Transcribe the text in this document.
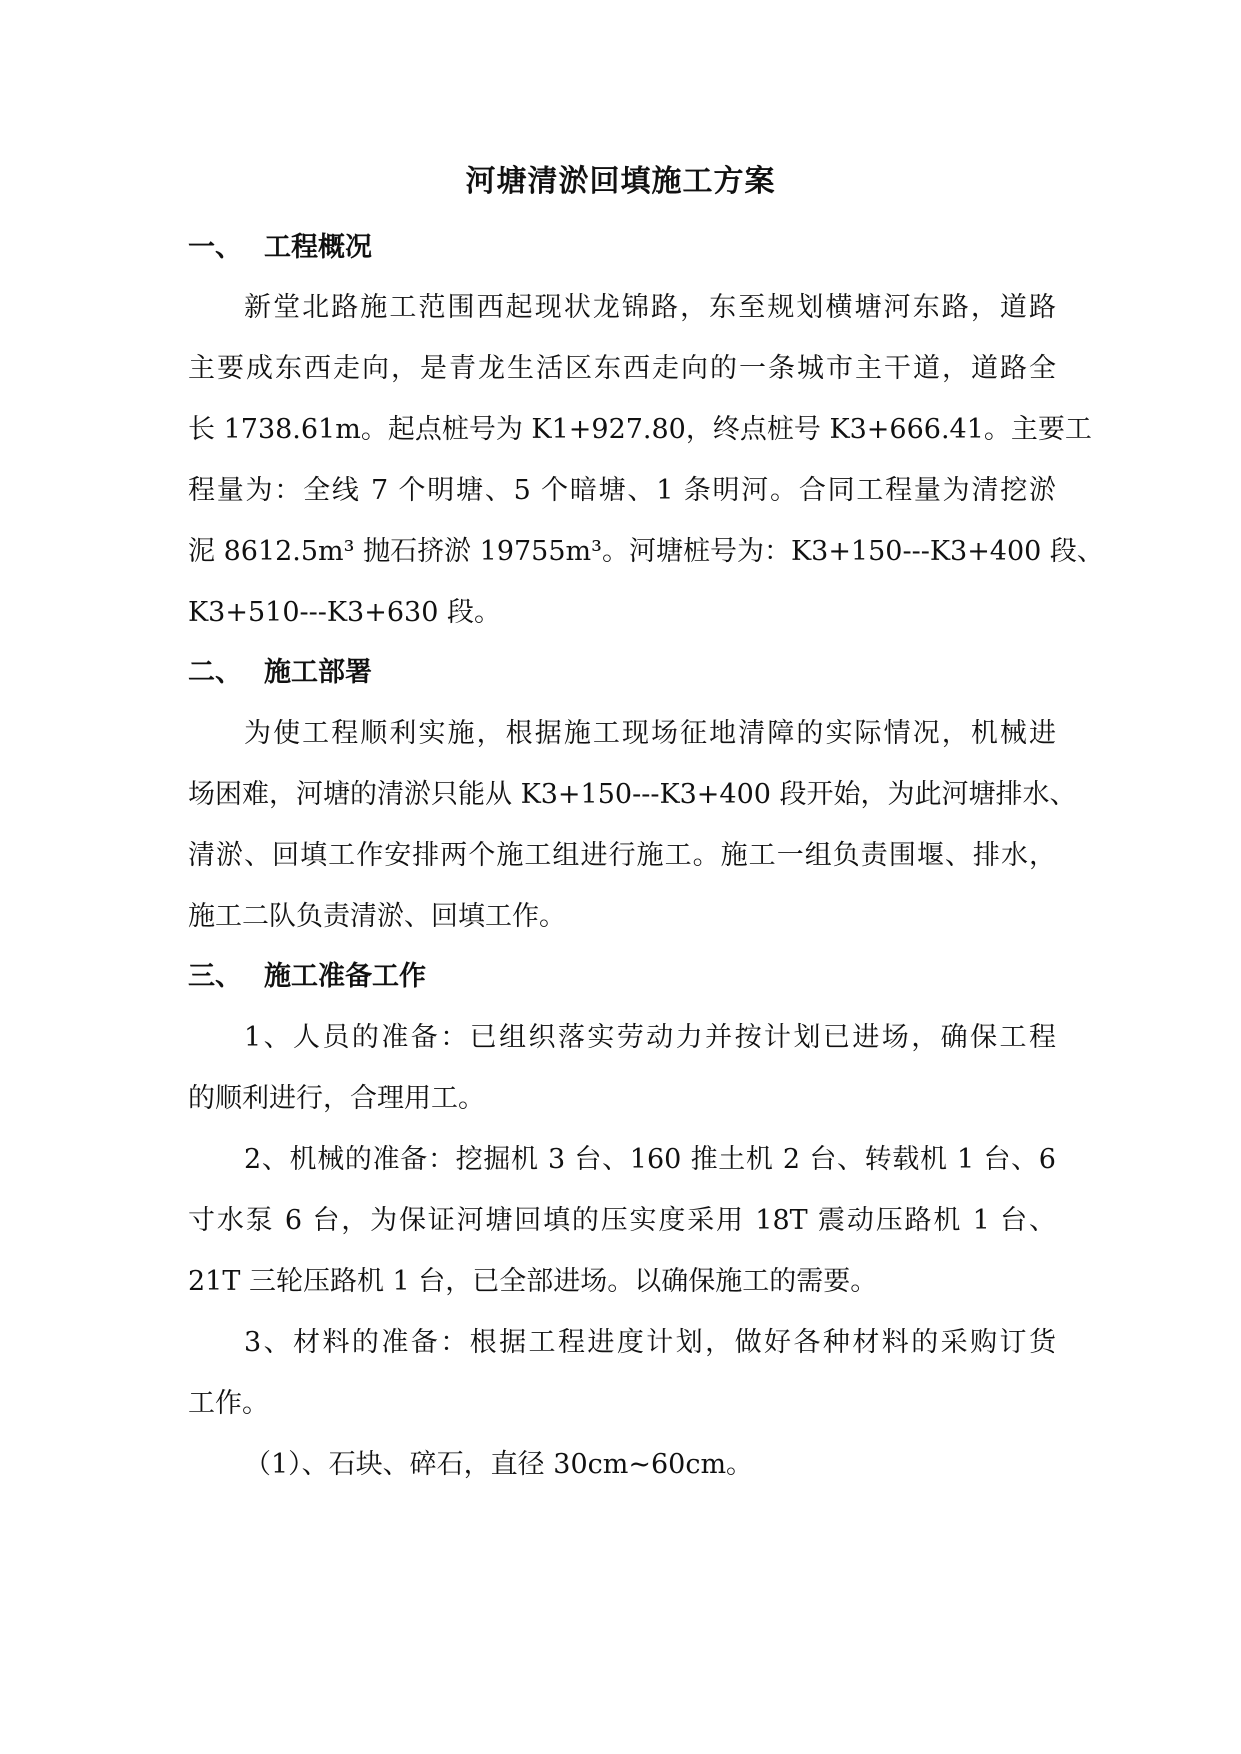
河塘清淤回填施工方案
一、 工程概况
新堂北路施工范围西起现状龙锦路，东至规划横塘河东路，道路
主要成东西走向，是青龙生活区东西走向的一条城市主干道，道路全
长 1738.61m。起点桩号为 K1+927.80，终点桩号 K3+666.41。主要工
程量为：全线 7 个明塘、5 个暗塘、1 条明河。合同工程量为清挖淤
泥 8612.5m³ 抛石挤淤 19755m³。河塘桩号为：K3+150---K3+400 段、
K3+510---K3+630 段。
二、 施工部署
为使工程顺利实施，根据施工现场征地清障的实际情况，机械进
场困难，河塘的清淤只能从 K3+150---K3+400 段开始，为此河塘排水、
清淤、回填工作安排两个施工组进行施工。施工一组负责围堰、排水，
施工二队负责清淤、回填工作。
三、 施工准备工作
1、人员的准备：已组织落实劳动力并按计划已进场，确保工程
的顺利进行，合理用工。
2、机械的准备：挖掘机 3 台、160 推土机 2 台、转载机 1 台、6
寸水泵 6 台，为保证河塘回填的压实度采用 18T 震动压路机 1 台、
21T 三轮压路机 1 台，已全部进场。以确保施工的需要。
3、材料的准备：根据工程进度计划，做好各种材料的采购订货
工作。
（1）、石块、碎石，直径 30cm~60cm。
